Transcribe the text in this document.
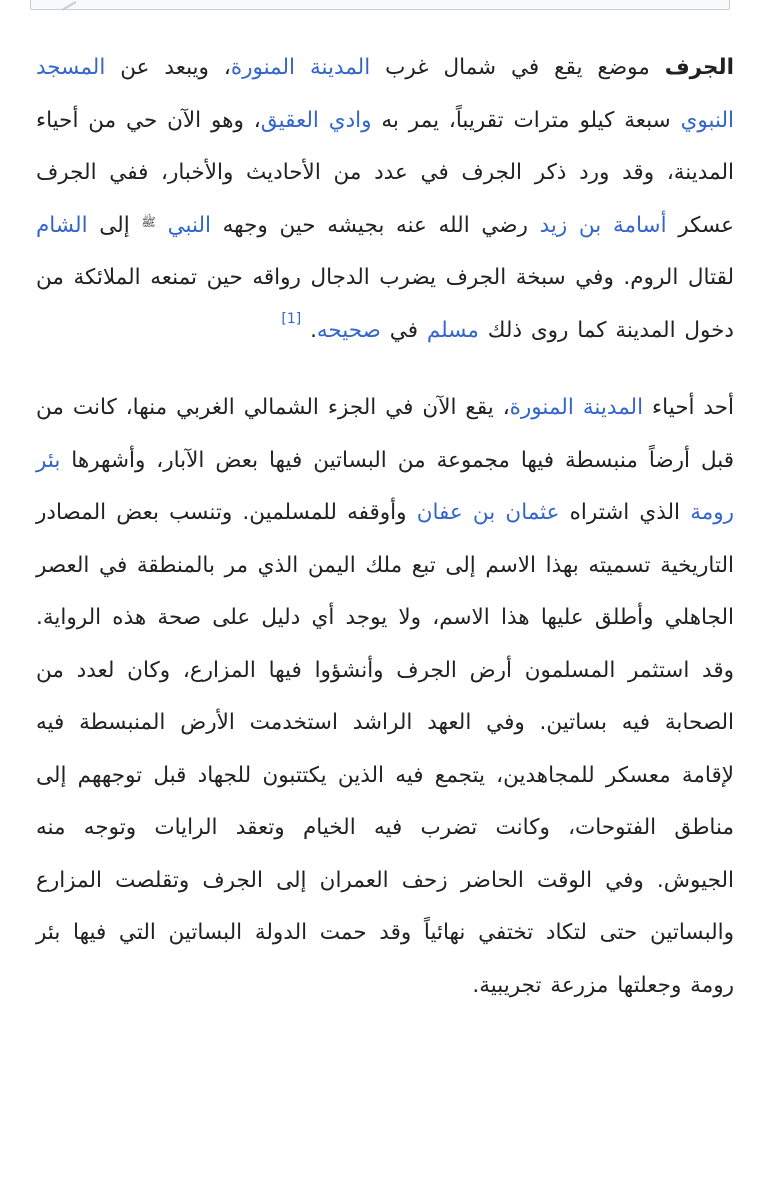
الجرف موضع يقع في شمال غرب المدينة المنورة، ويبعد عن المسجد النبوي سبعة كيلو مترات تقريباً، يمر به وادي العقيق، وهو الآن حي من أحياء المدينة، وقد ورد ذكر الجرف في عدد من الأحاديث والأخبار، ففي الجرف عسكر أسامة بن زيد رضي الله عنه بجيشه حين وجهه النبي ﷺ إلى الشام لقتال الروم. وفي سبخة الجرف يضرب الدجال رواقه حين تمنعه الملائكة من دخول المدينة كما روى ذلك مسلم في صحيحه. [1]

أحد أحياء المدينة المنورة، يقع الآن في الجزء الشمالي الغربي منها، كانت من قبل أرضاً منبسطة فيها مجموعة من البساتين فيها بعض الآبار، وأشهرها بئر رومة الذي اشتراه عثمان بن عفان وأوقفه للمسلمين. وتنسب بعض المصادر التاريخية تسميته بهذا الاسم إلى تبع ملك اليمن الذي مر بالمنطقة في العصر الجاهلي وأطلق عليها هذا الاسم، ولا يوجد أي دليل على صحة هذه الرواية. وقد استثمر المسلمون أرض الجرف وأنشؤوا فيها المزارع، وكان لعدد من الصحابة فيه بساتين. وفي العهد الراشد استخدمت الأرض المنبسطة فيه لإقامة معسكر للمجاهدين، يتجمع فيه الذين يكتتبون للجهاد قبل توجههم إلى مناطق الفتوحات، وكانت تضرب فيه الخيام وتعقد الرايات وتوجه منه الجيوش. وفي الوقت الحاضر زحف العمران إلى الجرف وتقلصت المزارع والبساتين حتى لتكاد تختفي نهائياً وقد حمت الدولة البساتين التي فيها بئر رومة وجعلتها مزرعة تجريبية.
